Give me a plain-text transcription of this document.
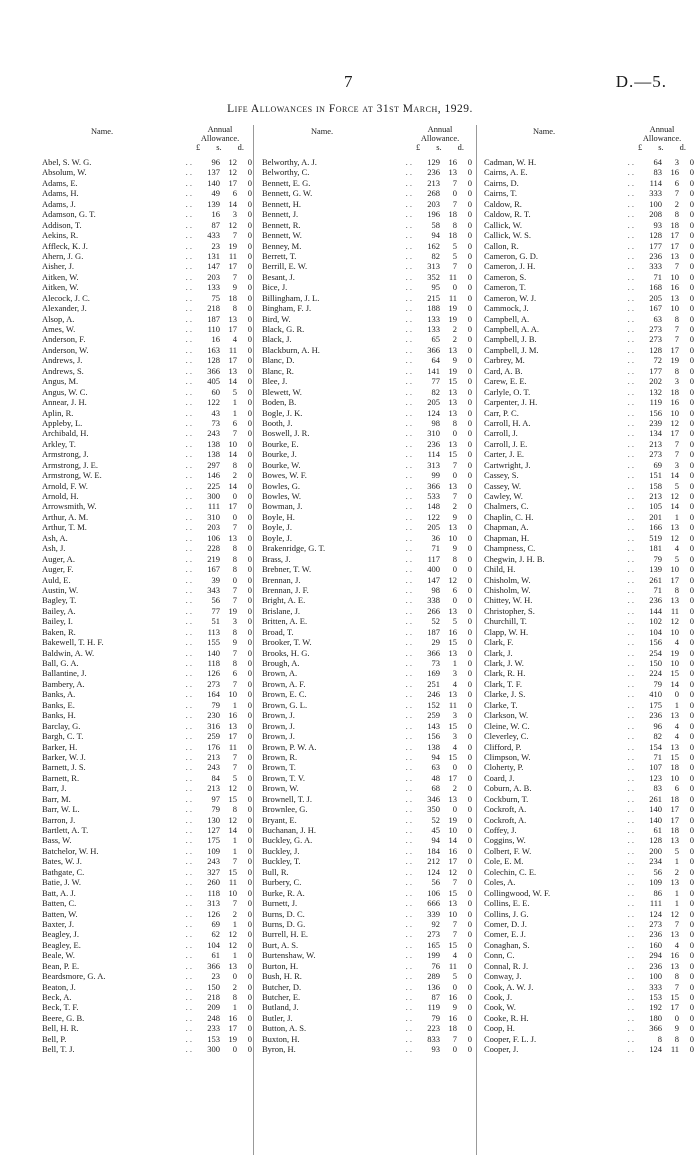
7	D.—5.
Life Allowances in Force at 31st March, 1929.
Name.	Annual Allowance.
£ s. d.
Abel, S. W. G.	. .	96	12	0
Absolum, W.	. .	137	12	0
Adams, E.	. .	140	17	0
Adams, H.	. .	49	6	0
Adams, J.	. .	139	14	0
Adamson, G. T.	. .	16	3	0
Addison, T.	. .	87	12	0
Aekins, R.	. .	433	7	0
Affleck, K. J.	. .	23	19	0
Ahern, J. G.	. .	131	11	0
Aisher, J.	. .	147	17	0
Aitken, W.	. .	203	7	0
Aitken, W.	. .	133	9	0
Alecock, J. C.	. .	75	18	0
Alexander, J.	. .	218	8	0
Alsop, A.	. .	187	13	0
Ames, W.	. .	110	17	0
Anderson, F.	. .	16	4	0
Anderson, W.	. .	163	11	0
Andrews, J.	. .	128	17	0
Andrews, S.	. .	366	13	0
Angus, M.	. .	405	14	0
Angus, W. C.	. .	60	5	0
Annear, J. H.	. .	122	1	0
Aplin, R.	. .	43	1	0
Appleby, L.	. .	73	6	0
Archibald, H.	. .	243	7	0
Arkley, T.	. .	138	10	0
Armstrong, J.	. .	138	14	0
Armstrong, J. E.	. .	297	8	0
Armstrong, W. E.	. .	146	2	0
Arnold, F. W.	. .	225	14	0
Arnold, H.	. .	300	0	0
Arrowsmith, W.	. .	111	17	0
Arthur, A. M.	. .	310	0	0
Arthur, T. M.	. .	203	7	0
Ash, A.	. .	106	13	0
Ash, J.	. .	228	8	0
Auger, A.	. .	219	8	0
Auger, F.	. .	167	8	0
Auld, E.	. .	39	0	0
Austin, W.	. .	343	7	0
Bagley, T.	. .	56	7	0
Bailey, A.	. .	77	19	0
Bailey, I.	. .	51	3	0
Baken, R.	. .	113	8	0
Bakewell, T. H. F.	. .	155	9	0
Baldwin, A. W.	. .	140	7	0
Ball, G. A.	. .	118	8	0
Ballantine, J.	. .	126	6	0
Bambery, A.	. .	273	7	0
Banks, A.	. .	164	10	0
Banks, E.	. .	79	1	0
Banks, H.	. .	230	16	0
Barclay, G.	. .	316	13	0
Bargh, C. T.	. .	259	17	0
Barker, H.	. .	176	11	0
Barker, W. J.	. .	213	7	0
Barnett, J. S.	. .	243	7	0
Barnett, R.	. .	84	5	0
Barr, J.	. .	213	12	0
Barr, M.	. .	97	15	0
Barr, W. L.	. .	79	8	0
Barron, J.	. .	130	12	0
Bartlett, A. T.	. .	127	14	0
Bass, W.	. .	175	1	0
Batchelor, W. H.	. .	109	1	0
Bates, W. J.	. .	243	7	0
Bathgate, C.	. .	327	15	0
Batie, J. W.	. .	260	11	0
Batt, A. J.	. .	118	10	0
Batten, C.	. .	313	7	0
Batten, W.	. .	126	2	0
Baxter, J.	. .	69	1	0
Beagley, J.	. .	62	12	0
Beagley, E.	. .	104	12	0
Beale, W.	. .	61	1	0
Bean, P. E.	. .	366	13	0
Beardsmore, G. A.	. .	23	0	0
Beaton, J.	. .	150	2	0
Beck, A.	. .	218	8	0
Beck, T. F.	. .	209	1	0
Beere, G. B.	. .	248	16	0
Bell, H. R.	. .	233	17	0
Bell, P.	. .	153	19	0
Bell, T. J.	. .	300	0	0
Name.	Annual Allowance.
£ s. d.
Belworthy, A. J.	. .	129	16	0
Belworthy, C.	. .	236	13	0
Bennett, E. G.	. .	213	7	0
Bennett, G. W.	. .	268	0	0
Bennett, H.	. .	203	7	0
Bennett, J.	. .	196	18	0
Bennett, R.	. .	58	8	0
Bennett, W.	. .	94	18	0
Benney, M.	. .	162	5	0
Berrett, T.	. .	82	5	0
Berrill, E. W.	. .	313	7	0
Besant, J.	. .	352	11	0
Bice, J.	. .	95	0	0
Billingham, J. L.	. .	215	11	0
Bingham, F. J.	. .	188	19	0
Bird, W.	. .	133	19	0
Black, G. R.	. .	133	2	0
Black, J.	. .	65	2	0
Blackburn, A. H.	. .	366	13	0
Blanc, D.	. .	64	9	0
Blanc, R.	. .	141	19	0
Blee, J.	. .	77	15	0
Blewett, W.	. .	82	13	0
Boden, B.	. .	205	13	0
Bogle, J. K.	. .	124	13	0
Booth, J.	. .	98	8	0
Boswell, J. R.	. .	310	0	0
Bourke, E.	. .	236	13	0
Bourke, J.	. .	114	15	0
Bourke, W.	. .	313	7	0
Bowes, W. F.	. .	99	0	0
Bowles, G.	. .	366	13	0
Bowles, W.	. .	533	7	0
Bowman, J.	. .	148	2	0
Boyle, H.	. .	122	9	0
Boyle, J.	. .	205	13	0
Boyle, J.	. .	36	10	0
Brakenridge, G. T.	. .	71	9	0
Brass, J.	. .	117	8	0
Brebner, T. W.	. .	400	0	0
Brennan, J.	. .	147	12	0
Brennan, J. F.	. .	98	6	0
Bright, A. E.	. .	338	0	0
Brislane, J.	. .	266	13	0
Britten, A. E.	. .	52	5	0
Broad, T.	. .	187	16	0
Brooker, T. W.	. .	29	15	0
Brooks, H. G.	. .	366	13	0
Brough, A.	. .	73	1	0
Brown, A.	. .	169	3	0
Brown, A. F.	. .	251	4	0
Brown, E. C.	. .	246	13	0
Brown, G. L.	. .	152	11	0
Brown, J.	. .	259	3	0
Brown, J.	. .	143	15	0
Brown, J.	. .	156	3	0
Brown, P. W. A.	. .	138	4	0
Brown, R.	. .	94	15	0
Brown, T.	. .	63	0	0
Brown, T. V.	. .	48	17	0
Brown, W.	. .	68	2	0
Brownell, T. J.	. .	346	13	0
Brownlee, G.	. .	350	0	0
Bryant, E.	. .	52	19	0
Buchanan, J. H.	. .	45	10	0
Buckley, G. A.	. .	94	14	0
Buckley, J.	. .	184	16	0
Buckley, T.	. .	212	17	0
Bull, R.	. .	124	12	0
Burbery, C.	. .	56	7	0
Burke, R. A.	. .	106	15	0
Burnett, J.	. .	666	13	0
Burns, D. C.	. .	339	10	0
Burns, D. G.	. .	92	7	0
Burrell, H. E.	. .	273	7	0
Burt, A. S.	. .	165	15	0
Burtenshaw, W.	. .	199	4	0
Burton, H.	. .	76	11	0
Bush, H. R.	. .	289	5	0
Butcher, D.	. .	136	0	0
Butcher, E.	. .	87	16	0
Butland, J.	. .	119	9	0
Butler, J.	. .	79	16	0
Button, A. S.	. .	223	18	0
Buxton, H.	. .	833	7	0
Byron, H.	. .	93	0	0
Name.	Annual Allowance.
£ s. d.
Cadman, W. H.	. .	64	3	0
Cairns, A. E.	. .	83	16	0
Cairns, D.	. .	114	6	0
Cairns, T.	. .	333	7	0
Caldow, R.	. .	100	2	0
Caldow, R. T.	. .	208	8	0
Callick, W.	. .	93	18	0
Callick, W. S.	. .	128	17	0
Callon, R.	. .	177	17	0
Cameron, G. D.	. .	236	13	0
Cameron, J. H.	. .	333	7	0
Cameron, S.	. .	71	10	0
Cameron, T.	. .	168	16	0
Cameron, W. J.	. .	205	13	0
Cammock, J.	. .	167	10	0
Campbell, A.	. .	63	8	0
Campbell, A. A.	. .	273	7	0
Campbell, J. B.	. .	273	7	0
Campbell, J. M.	. .	128	17	0
Carbrey, M.	. .	72	19	0
Card, A. B.	. .	177	8	0
Carew, E. E.	. .	202	3	0
Carlyle, O. T.	. .	132	18	0
Carpenter, J. H.	. .	119	16	0
Carr, P. C.	. .	156	10	0
Carroll, H. A.	. .	239	12	0
Carroll, J.	. .	134	17	0
Carroll, J. E.	. .	213	7	0
Carter, J. E.	. .	273	7	0
Cartwright, J.	. .	69	3	0
Cassey, S.	. .	151	14	0
Cassey, W.	. .	158	5	0
Cawley, W.	. .	213	12	0
Chalmers, C.	. .	105	14	0
Chaplin, C. H.	. .	201	1	0
Chapman, A.	. .	166	13	0
Chapman, H.	. .	519	12	0
Champness, C.	. .	181	4	0
Chegwin, J. H. B.	. .	79	5	0
Child, H.	. .	139	10	0
Chisholm, W.	. .	261	17	0
Chisholm, W.	. .	71	8	0
Chittey, W. H.	. .	236	13	0
Christopher, S.	. .	144	11	0
Churchill, T.	. .	102	12	0
Clapp, W. H.	. .	104	10	0
Clark, F.	. .	156	4	0
Clark, J.	. .	254	19	0
Clark, J. W.	. .	150	10	0
Clark, R. H.	. .	224	15	0
Clark, T. F.	. .	79	14	0
Clarke, J. S.	. .	410	0	0
Clarke, T.	. .	175	1	0
Clarkson, W.	. .	236	13	0
Cleine, W. C.	. .	96	4	0
Cleverley, C.	. .	82	4	0
Clifford, P.	. .	154	13	0
Climpson, W.	. .	71	15	0
Cloherty, P.	. .	107	18	0
Coard, J.	. .	123	10	0
Coburn, A. B.	. .	83	6	0
Cockburn, T.	. .	261	18	0
Cockroft, A.	. .	140	17	0
Cockroft, A.	. .	140	17	0
Coffey, J.	. .	61	18	0
Coggins, W.	. .	128	13	0
Colbert, F. W.	. .	200	5	0
Cole, E. M.	. .	234	1	0
Colechin, C. E.	. .	56	2	0
Coles, A.	. .	109	13	0
Collingwood, W. F.	. .	86	1	0
Collins, E. E.	. .	111	1	0
Collins, J. G.	. .	124	12	0
Comer, D. J.	. .	273	7	0
Comer, E. J.	. .	236	13	0
Conaghan, S.	. .	160	4	0
Conn, C.	. .	294	16	0
Connal, R. J.	. .	236	13	0
Conway, J.	. .	100	8	0
Cook, A. W. J.	. .	333	7	0
Cook, J.	. .	153	15	0
Cook, W.	. .	192	17	0
Cooke, R. H.	. .	180	0	0
Coop, H.	. .	366	9	0
Cooper, F. L. J.	. .	8	8	0
Cooper, J.	. .	124	11	0
